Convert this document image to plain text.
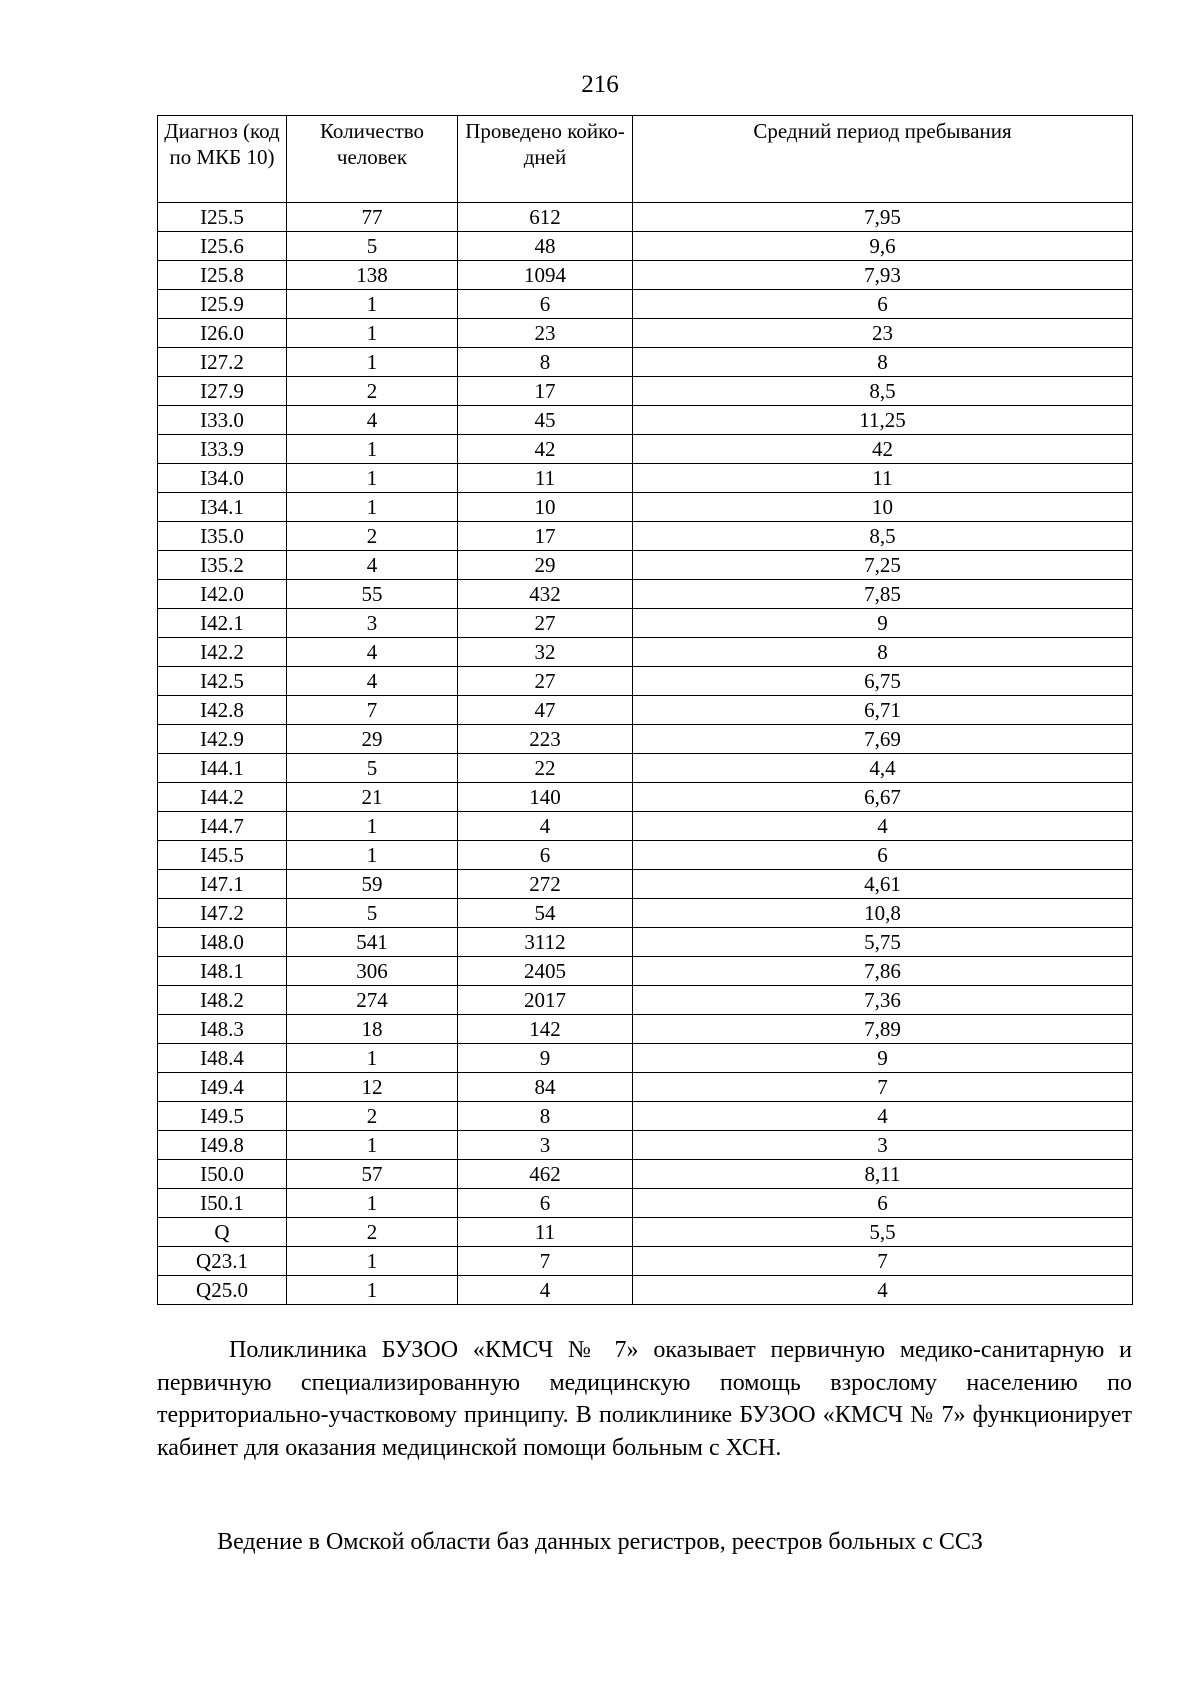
216
Диагноз (код по МКБ 10)	Количество человек	Проведено койко-дней	Средний период пребывания
I25.5	77	612	7,95
I25.6	5	48	9,6
I25.8	138	1094	7,93
I25.9	1	6	6
I26.0	1	23	23
I27.2	1	8	8
I27.9	2	17	8,5
I33.0	4	45	11,25
I33.9	1	42	42
I34.0	1	11	11
I34.1	1	10	10
I35.0	2	17	8,5
I35.2	4	29	7,25
I42.0	55	432	7,85
I42.1	3	27	9
I42.2	4	32	8
I42.5	4	27	6,75
I42.8	7	47	6,71
I42.9	29	223	7,69
I44.1	5	22	4,4
I44.2	21	140	6,67
I44.7	1	4	4
I45.5	1	6	6
I47.1	59	272	4,61
I47.2	5	54	10,8
I48.0	541	3112	5,75
I48.1	306	2405	7,86
I48.2	274	2017	7,36
I48.3	18	142	7,89
I48.4	1	9	9
I49.4	12	84	7
I49.5	2	8	4
I49.8	1	3	3
I50.0	57	462	8,11
I50.1	1	6	6
Q	2	11	5,5
Q23.1	1	7	7
Q25.0	1	4	4
Поликлиника БУЗОО «КМСЧ № 7» оказывает первичную медико-санитарную и первичную специализированную медицинскую помощь взрослому населению по территориально-участковому принципу. В поликлинике БУЗОО «КМСЧ № 7» функционирует кабинет для оказания медицинской помощи больным с ХСН.
Ведение в Омской области баз данных регистров, реестров больных с ССЗ
